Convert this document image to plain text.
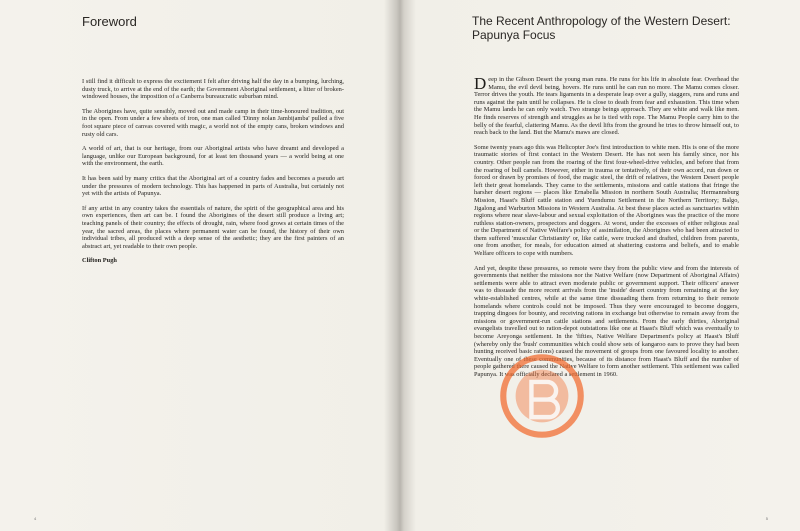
Foreword

I still find it difficult to express the excitement I felt after driving half the day in a bumping, lurching, dusty truck, to arrive at the end of the earth; the Government Aboriginal settlement, a litter of broken-windowed houses, the imposition of a Canberra bureaucratic suburban mind.

The Aborigines have, quite sensibly, moved out and made camp in their time-honoured tradition, out in the open. From under a few sheets of iron, one man called 'Dinny nolan Jambijamba' pulled a five foot square piece of canvas covered with magic, a world not of the empty cans, broken windows and rusty old cars.

A world of art, that is our heritage, from our Aboriginal artists who have dreamt and developed a language, unlike our European background, for at least ten thousand years — a world being at one with the environment, the earth.

It has been said by many critics that the Aboriginal art of a country fades and becomes a pseudo art under the pressures of modern technology. This has happened in parts of Australia, but certainly not yet with the artists of Papunya.

If any artist in any country takes the essentials of nature, the spirit of the geographical area and his own experiences, then art can be. I found the Aborigines of the desert still produce a living art; teaching panels of their country; the effects of drought, rain, where food grows at certain times of the year, the sacred areas, the places where permanent water can be found, the history of their own individual tribes, all produced with a deep sense of the aesthetic; they are the first painters of an abstract art, yet readable to their own people.

Clifton Pugh

4
The Recent Anthropology of the Western Desert:
Papunya Focus

Deep in the Gibson Desert the young man runs. He runs for his life in absolute fear. Overhead the Mamu, the evil devil being, hovers. He runs until he can run no more. The Mamu comes closer. Terror drives the youth. He tears ligaments in a desperate leap over a gully, staggers, runs and runs and runs against the pain until he collapses. He is close to death from fear and exhaustion. This time when the Mamu lands he can only watch. Two strange beings approach. They are white and walk like men. He finds reserves of strength and struggles as he is tied with rope. The Mamu People carry him to the belly of the fearful, clattering Mamu. As the devil lifts from the ground he tries to throw himself out, to reach back to the land. But the Mamu's maws are closed.

Some twenty years ago this was Helicopter Joe's first introduction to white men. His is one of the more traumatic stories of first contact in the Western Desert. He has not seen his family since, nor his country. Other people ran from the roaring of the first four-wheel-drive vehicles, and before that from the roaring of bull camels. However, either in trauma or tentatively, of their own accord, run down or forced or drawn by promises of food, the magic steel, the drift of relatives, the Western Desert people left their great homelands. They came to the settlements, missions and cattle stations that fringe the harsher desert regions — places like Ernabella Mission in northern South Australia; Hermannsburg Mission, Haast's Bluff cattle station and Yuendumu Settlement in the Northern Territory; Balgo, Jigalong and Warburton Missions in Western Australia. At best these places acted as sanctuaries within regions where near slave-labour and sexual exploitation of the Aborigines was the practice of the more ruthless station-owners, prospectors and doggers. At worst, under the excesses of either religious zeal or the Department of Native Welfare's policy of assimilation, the Aborigines who had been attracted to them suffered 'muscular Christianity' or, like cattle, were trucked and drafted, children from parents, one from another, for meals, for education aimed at shattering customs and beliefs, and to enable Welfare officers to cope with numbers.

And yet, despite these pressures, so remote were they from the public view and from the interests of governments that neither the missions nor the Native Welfare (now Department of Aboriginal Affairs) settlements were able to attract even moderate public or government support. Their officers' answer was to dissuade the more recent arrivals from the 'inside' desert country from remaining at the key white-established centres, while at the same time dissuading them from returning to their remote homelands where controls could not be imposed. Thus they were encouraged to become doggers, trapping dingoes for bounty, and receiving rations in exchange but otherwise to remain away from the missions or government-run cattle stations and settlements. From the early thirties, Aboriginal evangelists travelled out to ration-depot outstations like one at Haast's Bluff which was eventually to become Areyonga settlement. In the 'fifties, Native Welfare Department's policy at Haast's Bluff (whereby only the 'bush' communities which could show sets of kangaroo ears to prove they had been hunting received basic rations) caused the movement of groups from one favoured locality to another. Eventually one of these communities, because of its distance from Haast's Bluff and the number of people gathered there caused the Native Welfare to form another settlement. This settlement was called Papunya. It was officially declared a settlement in 1960.

5
